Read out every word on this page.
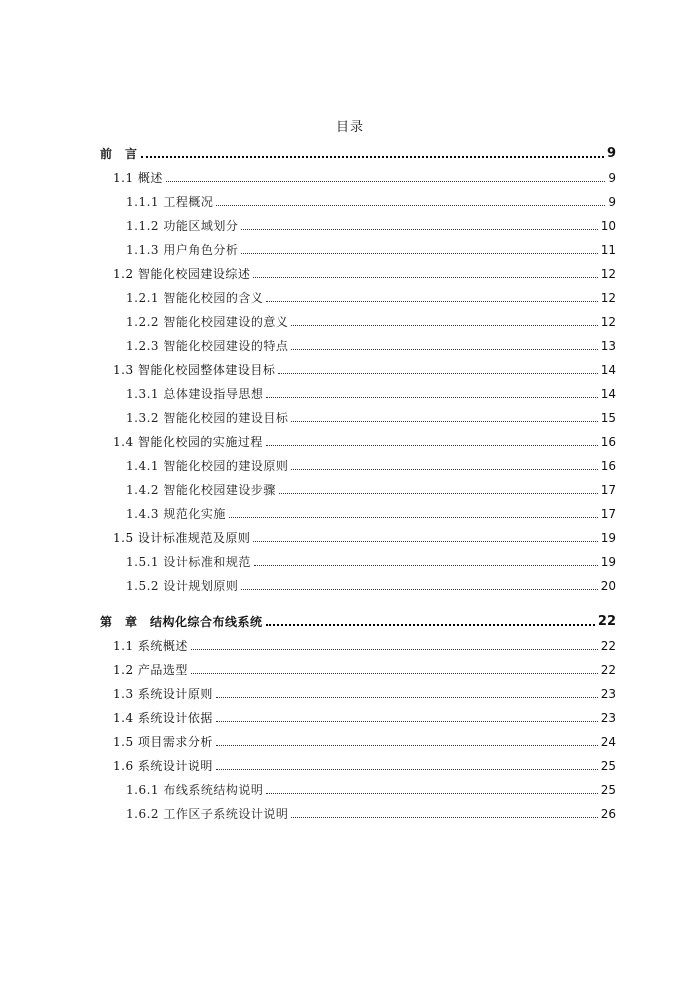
目录
前　言	9
1.1 概述	9
1.1.1 工程概况	9
1.1.2 功能区域划分	10
1.1.3 用户角色分析	11
1.2 智能化校园建设综述	12
1.2.1 智能化校园的含义	12
1.2.2 智能化校园建设的意义	12
1.2.3 智能化校园建设的特点	13
1.3 智能化校园整体建设目标	14
1.3.1 总体建设指导思想	14
1.3.2 智能化校园的建设目标	15
1.4 智能化校园的实施过程	16
1.4.1 智能化校园的建设原则	16
1.4.2 智能化校园建设步骤	17
1.4.3 规范化实施	17
1.5 设计标准规范及原则	19
1.5.1 设计标准和规范	19
1.5.2 设计规划原则	20
第　章　结构化综合布线系统	22
1.1 系统概述	22
1.2 产品选型	22
1.3 系统设计原则	23
1.4 系统设计依据	23
1.5 项目需求分析	24
1.6 系统设计说明	25
1.6.1 布线系统结构说明	25
1.6.2 工作区子系统设计说明	26
